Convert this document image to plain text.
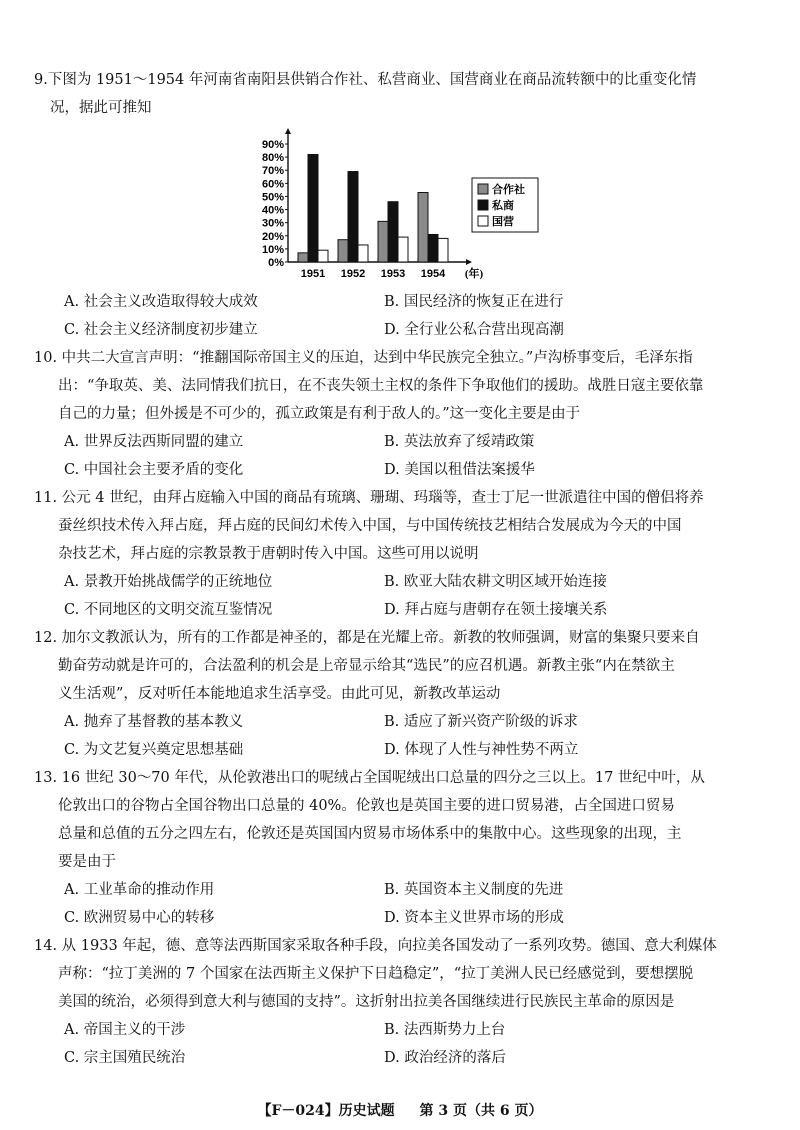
9.下图为 1951～1954 年河南省南阳县供销合作社、私营商业、国营商业在商品流转额中的比重变化情
况，据此可推知

0%
10%
20%
30%
40%
50%
60%
70%
80%
90%
1951 1952 1953 1954 (年)
合作社
私商
国营
A. 社会主义改造取得较大成效	B. 国民经济的恢复正在进行
C. 社会主义经济制度初步建立	D. 全行业公私合营出现高潮

10. 中共二大宣言声明：“推翻国际帝国主义的压迫，达到中华民族完全独立。”卢沟桥事变后，毛泽东指
出：“争取英、美、法同情我们抗日，在不丧失领土主权的条件下争取他们的援助。战胜日寇主要依靠
自己的力量；但外援是不可少的，孤立政策是有利于敌人的。”这一变化主要是由于

A. 世界反法西斯同盟的建立	B. 英法放弃了绥靖政策
C. 中国社会主要矛盾的变化	D. 美国以租借法案援华

11. 公元 4 世纪，由拜占庭输入中国的商品有琉璃、珊瑚、玛瑙等，查士丁尼一世派遣往中国的僧侣将养
蚕丝织技术传入拜占庭，拜占庭的民间幻术传入中国，与中国传统技艺相结合发展成为今天的中国
杂技艺术，拜占庭的宗教景教于唐朝时传入中国。这些可用以说明

A. 景教开始挑战儒学的正统地位	B. 欧亚大陆农耕文明区域开始连接
C. 不同地区的文明交流互鉴情况	D. 拜占庭与唐朝存在领土接壤关系

12. 加尔文教派认为，所有的工作都是神圣的，都是在光耀上帝。新教的牧师强调，财富的集聚只要来自
勤奋劳动就是许可的，合法盈利的机会是上帝显示给其“选民”的应召机遇。新教主张“内在禁欲主
义生活观”，反对听任本能地追求生活享受。由此可见，新教改革运动

A. 抛弃了基督教的基本教义	B. 适应了新兴资产阶级的诉求
C. 为文艺复兴奠定思想基础	D. 体现了人性与神性势不两立

13. 16 世纪 30～70 年代，从伦敦港出口的呢绒占全国呢绒出口总量的四分之三以上。17 世纪中叶，从
伦敦出口的谷物占全国谷物出口总量的 40%。伦敦也是英国主要的进口贸易港，占全国进口贸易
总量和总值的五分之四左右，伦敦还是英国国内贸易市场体系中的集散中心。这些现象的出现，主
要是由于

A. 工业革命的推动作用	B. 英国资本主义制度的先进
C. 欧洲贸易中心的转移	D. 资本主义世界市场的形成

14. 从 1933 年起，德、意等法西斯国家采取各种手段，向拉美各国发动了一系列攻势。德国、意大利媒体
声称：“拉丁美洲的 7 个国家在法西斯主义保护下日趋稳定”，“拉丁美洲人民已经感觉到，要想摆脱
美国的统治，必须得到意大利与德国的支持”。这折射出拉美各国继续进行民族民主革命的原因是

A. 帝国主义的干涉	B. 法西斯势力上台
C. 宗主国殖民统治	D. 政治经济的落后
【F－024】历史试题 第 3 页（共 6 页）
